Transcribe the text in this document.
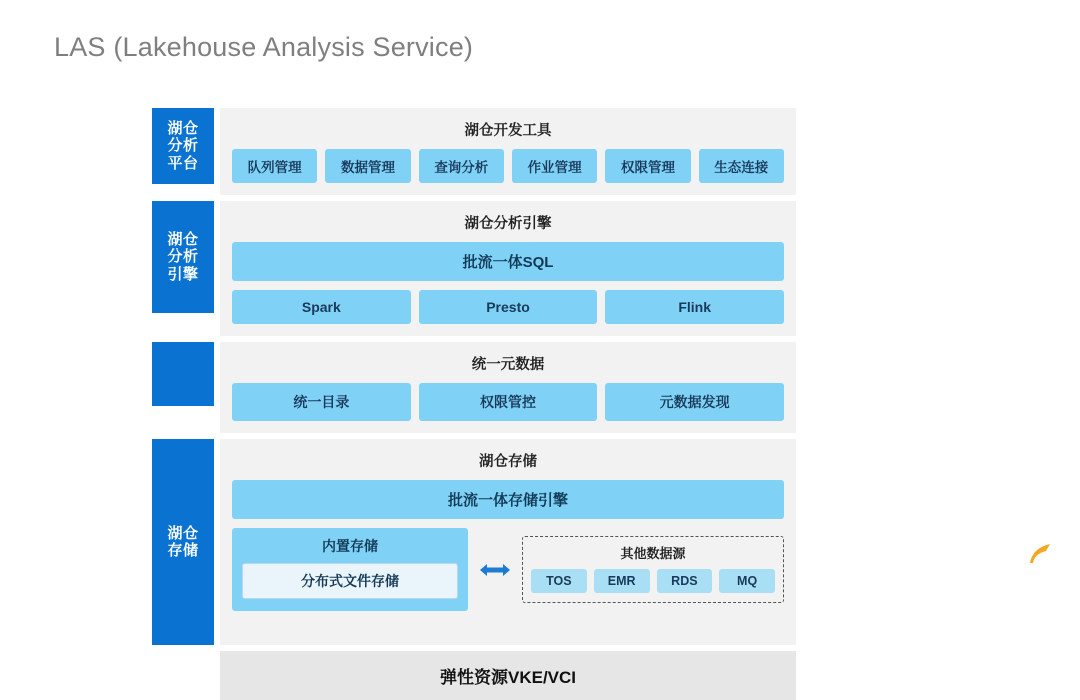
LAS (Lakehouse Analysis Service)
湖仓
分析
平台
湖仓开发工具
队列管理	数据管理	查询分析	作业管理	权限管理	生态连接
湖仓
分析
引擎
湖仓分析引擎
批流一体SQL
Spark	Presto	Flink
统一元数据
统一目录	权限管控	元数据发现
湖仓
存储
湖仓存储
批流一体存储引擎
内置存储
分布式文件存储
其他数据源
TOS	EMR	RDS	MQ
弹性资源VKE/VCI
